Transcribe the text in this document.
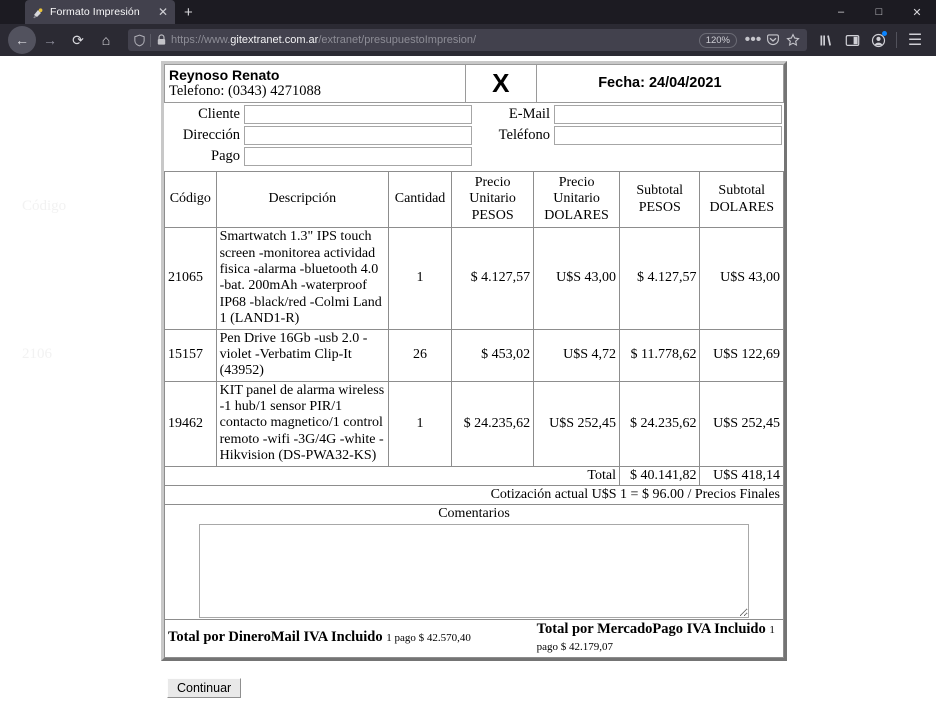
Formato Impresión	✕	+	–	□	✕
←	→	⟳	⌂	https://www.gitextranet.com.ar/extranet/presupuestoImpresion/	120% •••	☰
Código
2106
Reynoso Renato
Telefono: (0343) 4271088	X	Fecha: 24/04/2021
Cliente		E-Mail	
Dirección		Teléfono	
Pago			
Código	Descripción	Cantidad	Precio Unitario PESOS	Precio Unitario DOLARES	Subtotal PESOS	Subtotal DOLARES
21065	Smartwatch 1.3" IPS touch screen -monitorea actividad fisica -alarma -bluetooth 4.0 -bat. 200mAh -waterproof IP68 -black/red -Colmi Land 1 (LAND1-R)	1	$ 4.127,57	U$S 43,00	$ 4.127,57	U$S 43,00
15157	Pen Drive 16Gb -usb 2.0 -violet -Verbatim Clip-It (43952)	26	$ 453,02	U$S 4,72	$ 11.778,62	U$S 122,69
19462	KIT panel de alarma wireless -1 hub/1 sensor PIR/1 contacto magnetico/1 control remoto -wifi -3G/4G -white -Hikvision (DS-PWA32-KS)	1	$ 24.235,62	U$S 252,45	$ 24.235,62	U$S 252,45
Total					$ 40.141,82	U$S 418,14
Cotización actual U$S 1 = $ 96.00 / Precios Finales						
Comentarios						

Total por DineroMail IVA Incluido 1 pago $ 42.570,40				Total por MercadoPago IVA Incluido 1 pago $ 42.179,07		
Continuar
